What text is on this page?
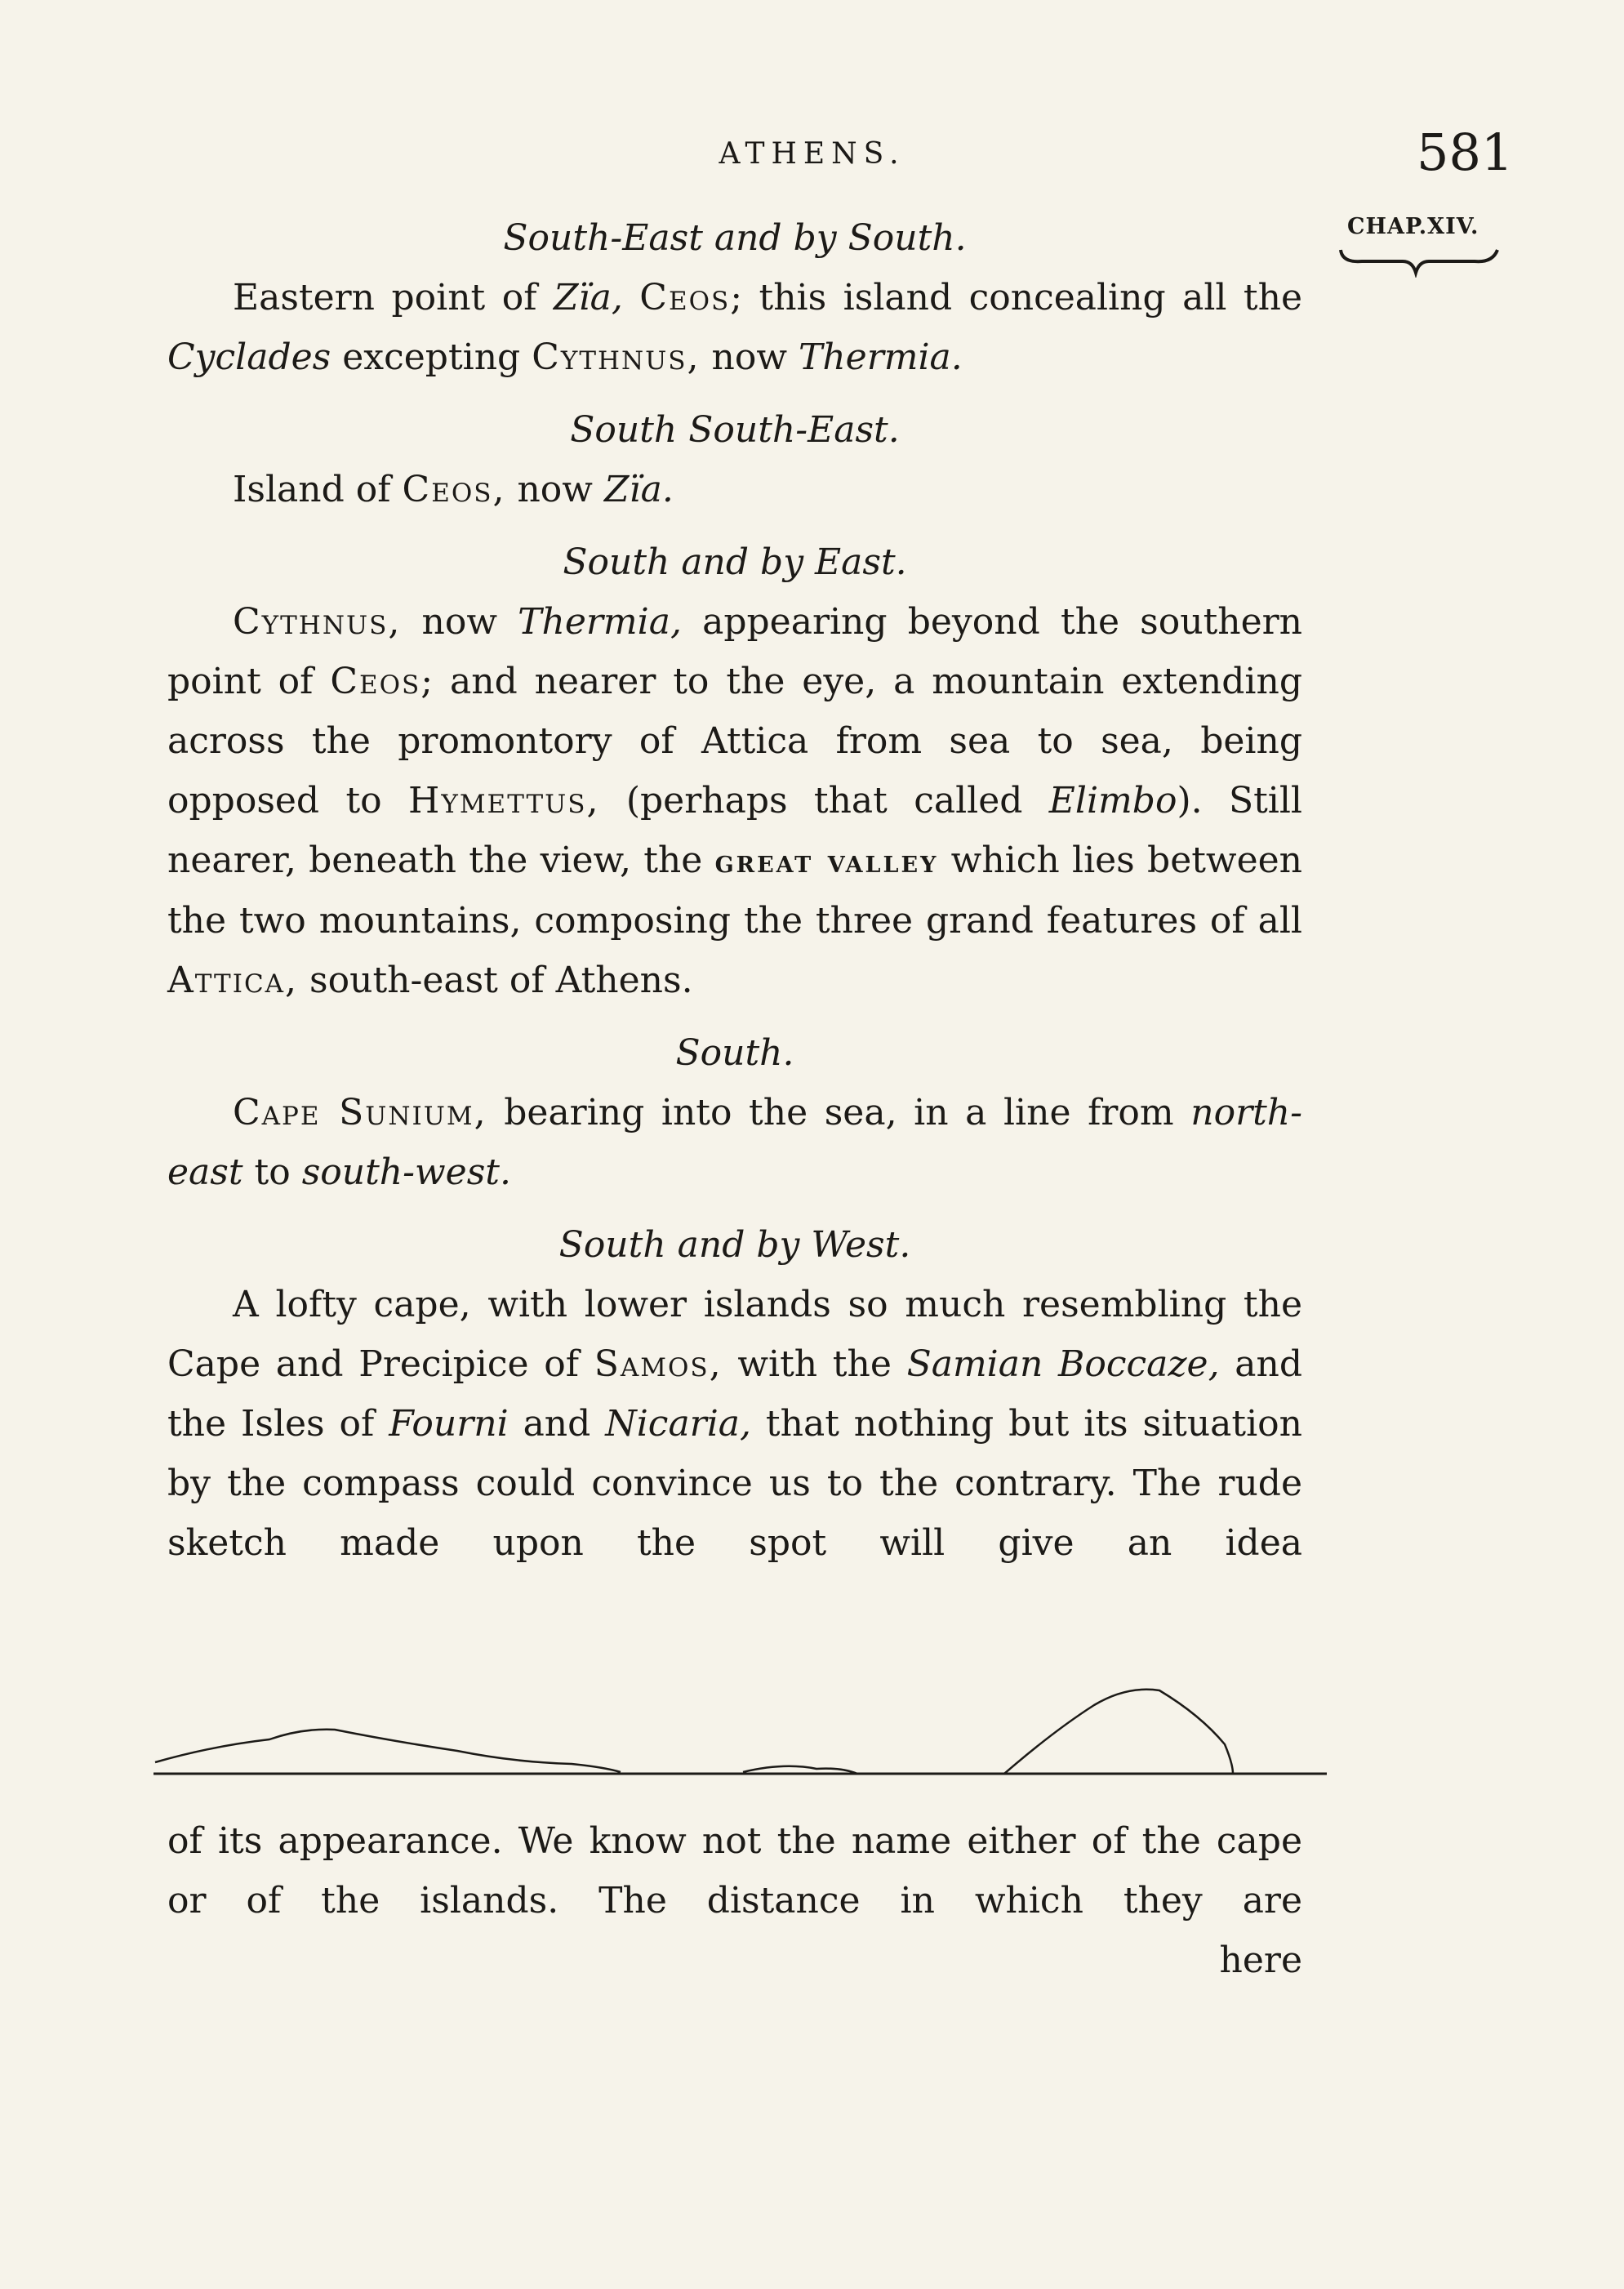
ATHENS.	581
CHAP.XIV.

South-East and by South.

Eastern point of Zïa, Ceos; this island concealing all the Cyclades excepting Cythnus, now Thermia.

South South-East.

Island of Ceos, now Zïa.

South and by East.

Cythnus, now Thermia, appearing beyond the southern point of Ceos; and nearer to the eye, a mountain extending across the promontory of Attica from sea to sea, being opposed to Hymettus, (perhaps that called Elimbo). Still nearer, beneath the view, the great valley which lies between the two mountains, composing the three grand features of all Attica, south-east of Athens.

South.

Cape Sunium, bearing into the sea, in a line from north-east to south-west.

South and by West.

A lofty cape, with lower islands so much resembling the Cape and Precipice of Samos, with the Samian Boccaze, and the Isles of Fourni and Nicaria, that nothing but its situation by the compass could convince us to the contrary. The rude sketch made upon the spot will give an idea

of its appearance. We know not the name either of the cape or of the islands. The distance in which they are

here
